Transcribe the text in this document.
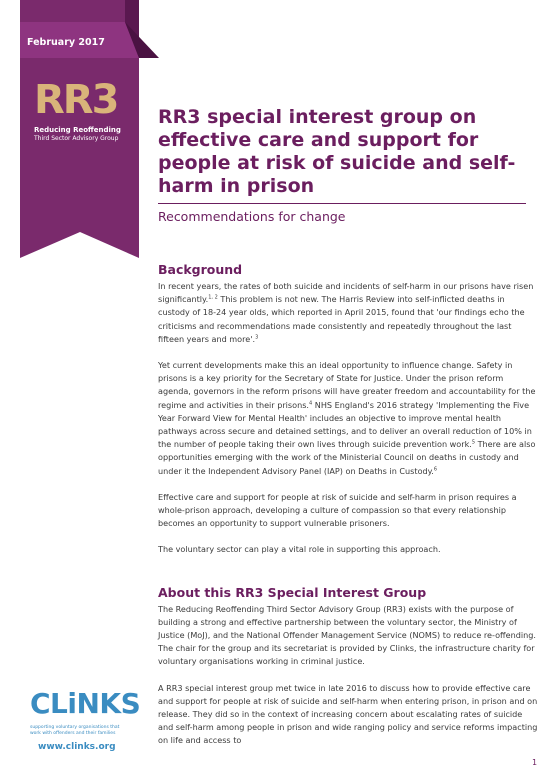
February 2017
RR3
Reducing Reoffending
Third Sector Advisory Group
RR3 special interest group on effective care and support for people at risk of suicide and self-harm in prison
Recommendations for change
Background

In recent years, the rates of both suicide and incidents of self-harm in our prisons have risen significantly.$^{1, 2}$ This problem is not new. The Harris Review into self-inflicted deaths in custody of 18-24 year olds, which reported in April 2015, found that 'our findings echo the criticisms and recommendations made consistently and repeatedly throughout the last fifteen years and more'.$^3$

Yet current developments make this an ideal opportunity to influence change. Safety in prisons is a key priority for the Secretary of State for Justice. Under the prison reform agenda, governors in the reform prisons will have greater freedom and accountability for the regime and activities in their prisons.$^4$ NHS England's 2016 strategy 'Implementing the Five Year Forward View for Mental Health' includes an objective to improve mental health pathways across secure and detained settings, and to deliver an overall reduction of 10% in the number of people taking their own lives through suicide prevention work.$^5$ There are also opportunities emerging with the work of the Ministerial Council on deaths in custody and under it the Independent Advisory Panel (IAP) on Deaths in Custody.$^6$

Effective care and support for people at risk of suicide and self-harm in prison requires a whole-prison approach, developing a culture of compassion so that every relationship becomes an opportunity to support vulnerable prisoners.

The voluntary sector can play a vital role in supporting this approach.

About this RR3 Special Interest Group

The Reducing Reoffending Third Sector Advisory Group (RR3) exists with the purpose of building a strong and effective partnership between the voluntary sector, the Ministry of Justice (MoJ), and the National Offender Management Service (NOMS) to reduce re-offending. The chair for the group and its secretariat is provided by Clinks, the infrastructure charity for voluntary organisations working in criminal justice.

A RR3 special interest group met twice in late 2016 to discuss how to provide effective care and support for people at risk of suicide and self-harm when entering prison, in prison and on release. They did so in the context of increasing concern about escalating rates of suicide and self-harm among people in prison and wide ranging policy and service reforms impacting on life and access to

CLiNKS
supporting voluntary organisations that work with offenders and their families
www.clinks.org
1
